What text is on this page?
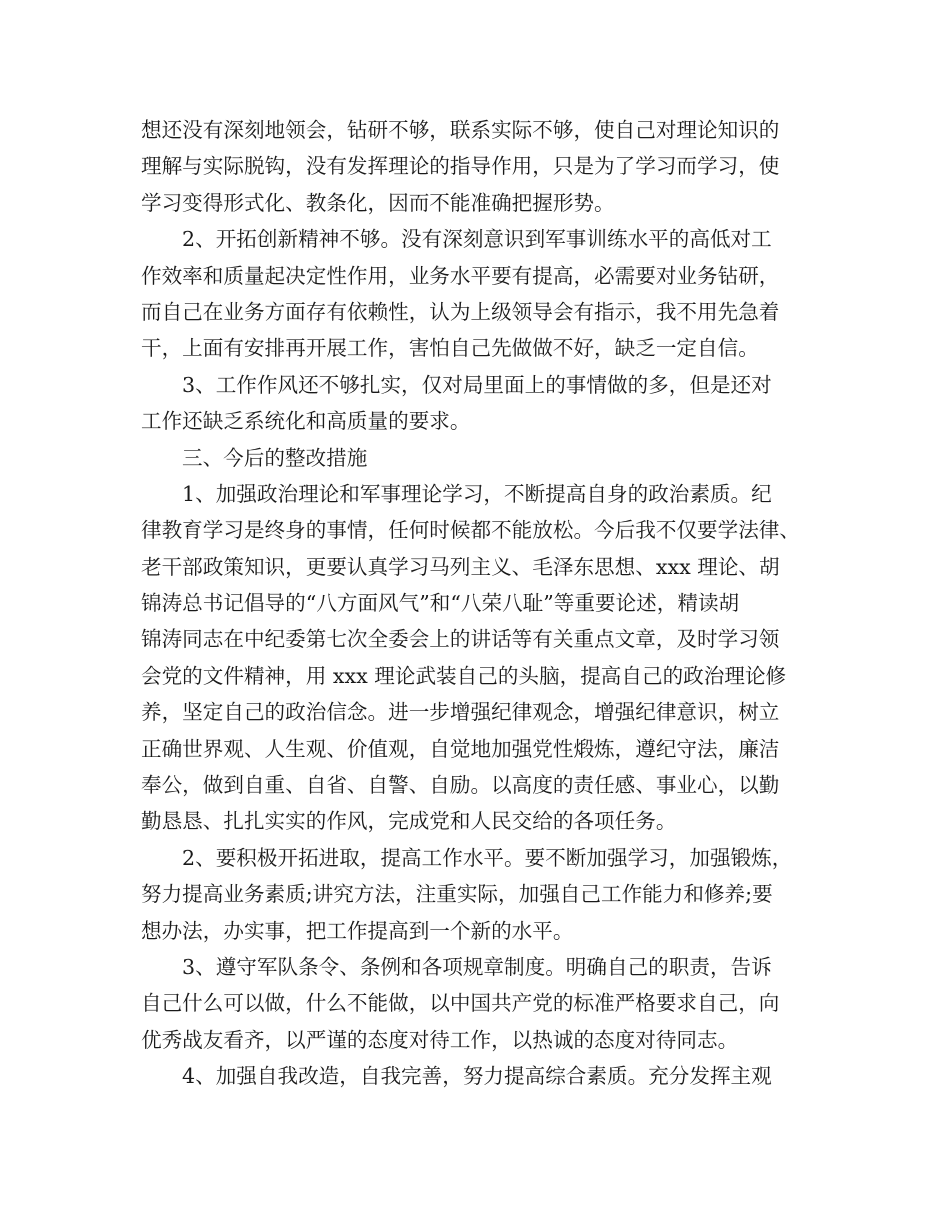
想还没有深刻地领会，钻研不够，联系实际不够，使自己对理论知识的
理解与实际脱钩，没有发挥理论的指导作用，只是为了学习而学习，使
学习变得形式化、教条化，因而不能准确把握形势。

2、开拓创新精神不够。没有深刻意识到军事训练水平的高低对工
作效率和质量起决定性作用，业务水平要有提高，必需要对业务钻研，
而自己在业务方面存有依赖性，认为上级领导会有指示，我不用先急着
干，上面有安排再开展工作，害怕自己先做做不好，缺乏一定自信。

3、工作作风还不够扎实，仅对局里面上的事情做的多，但是还对
工作还缺乏系统化和高质量的要求。

三、今后的整改措施

1、加强政治理论和军事理论学习，不断提高自身的政治素质。纪
律教育学习是终身的事情，任何时候都不能放松。今后我不仅要学法律、
老干部政策知识，更要认真学习马列主义、毛泽东思想、xxx 理论、胡
锦涛总书记倡导的“八方面风气”和“八荣八耻”等重要论述，精读胡
锦涛同志在中纪委第七次全委会上的讲话等有关重点文章，及时学习领
会党的文件精神，用 xxx 理论武装自己的头脑，提高自己的政治理论修
养，坚定自己的政治信念。进一步增强纪律观念，增强纪律意识，树立
正确世界观、人生观、价值观，自觉地加强党性煅炼，遵纪守法，廉洁
奉公，做到自重、自省、自警、自励。以高度的责任感、事业心，以勤
勤恳恳、扎扎实实的作风，完成党和人民交给的各项任务。

2、要积极开拓进取，提高工作水平。要不断加强学习，加强锻炼，
努力提高业务素质;讲究方法，注重实际，加强自己工作能力和修养;要
想办法，办实事，把工作提高到一个新的水平。

3、遵守军队条令、条例和各项规章制度。明确自己的职责，告诉
自己什么可以做，什么不能做，以中国共产党的标准严格要求自己，向
优秀战友看齐，以严谨的态度对待工作，以热诚的态度对待同志。

4、加强自我改造，自我完善，努力提高综合素质。充分发挥主观
